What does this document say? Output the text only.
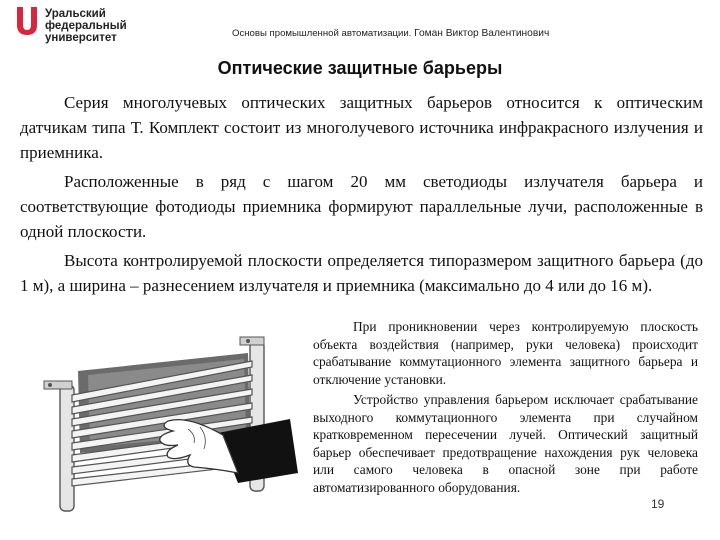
Уральский
федеральный
университет	Основы промышленной автоматизации. Гоман Виктор Валентинович
Оптические защитные барьеры

Серия многолучевых оптических защитных барьеров относится к оптическим датчикам типа Т. Комплект состоит из многолучевого источника инфракрасного излучения и приемника.

Расположенные в ряд с шагом 20 мм светодиоды излучателя барьера и соответствующие фотодиоды приемника формируют параллельные лучи, расположенные в одной плоскости.

Высота контролируемой плоскости определяется типоразмером защитного барьера (до 1 м), а ширина – разнесением излучателя и приемника (максимально до 4 или до 16 м).

При проникновении через контролируемую плоскость объекта воздействия (например, руки человека) происходит срабатывание коммутационного элемента защитного барьера и отключение установки.

Устройство управления барьером исключает срабатывание выходного коммутационного элемента при случайном кратковременном пересечении лучей. Оптический защитный барьер обеспечивает предотвращение нахождения рук человека или самого человека в опасной зоне при работе автоматизированного оборудования.

19
